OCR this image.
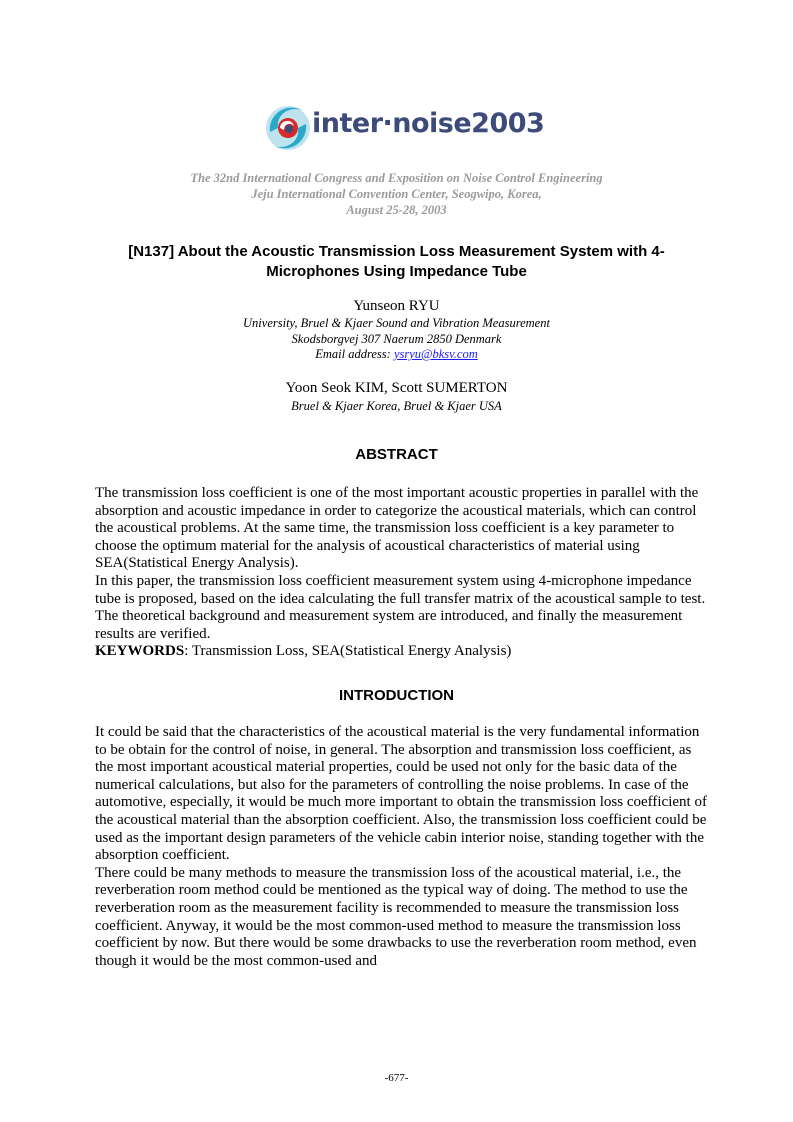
inter·noise2003
The 32nd International Congress and Exposition on Noise Control Engineering
Jeju International Convention Center, Seogwipo, Korea,
August 25-28, 2003
[N137] About the Acoustic Transmission Loss Measurement System with 4-
Microphones Using Impedance Tube
Yunseon RYU
University, Bruel & Kjaer Sound and Vibration Measurement
Skodsborgvej 307 Naerum 2850 Denmark
Email address: ysryu@bksv.com
Yoon Seok KIM, Scott SUMERTON
Bruel & Kjaer Korea, Bruel & Kjaer USA
ABSTRACT

The transmission loss coefficient is one of the most important acoustic properties in parallel with the absorption and acoustic impedance in order to categorize the acoustical materials, which can control the acoustical problems. At the same time, the transmission loss coefficient is a key parameter to choose the optimum material for the analysis of acoustical characteristics of material using SEA(Statistical Energy Analysis).

In this paper, the transmission loss coefficient measurement system using 4-microphone impedance tube is proposed, based on the idea calculating the full transfer matrix of the acoustical sample to test. The theoretical background and measurement system are introduced, and finally the measurement results are verified.

KEYWORDS: Transmission Loss, SEA(Statistical Energy Analysis)

INTRODUCTION

It could be said that the characteristics of the acoustical material is the very fundamental information to be obtain for the control of noise, in general. The absorption and transmission loss coefficient, as the most important acoustical material properties, could be used not only for the basic data of the numerical calculations, but also for the parameters of controlling the noise problems. In case of the automotive, especially, it would be much more important to obtain the transmission loss coefficient of the acoustical material than the absorption coefficient. Also, the transmission loss coefficient could be used as the important design parameters of the vehicle cabin interior noise, standing together with the absorption coefficient.

There could be many methods to measure the transmission loss of the acoustical material, i.e., the reverberation room method could be mentioned as the typical way of doing. The method to use the reverberation room as the measurement facility is recommended to measure the transmission loss coefficient. Anyway, it would be the most common-used method to measure the transmission loss coefficient by now. But there would be some drawbacks to use the reverberation room method, even though it would be the most common-used and

-677-
